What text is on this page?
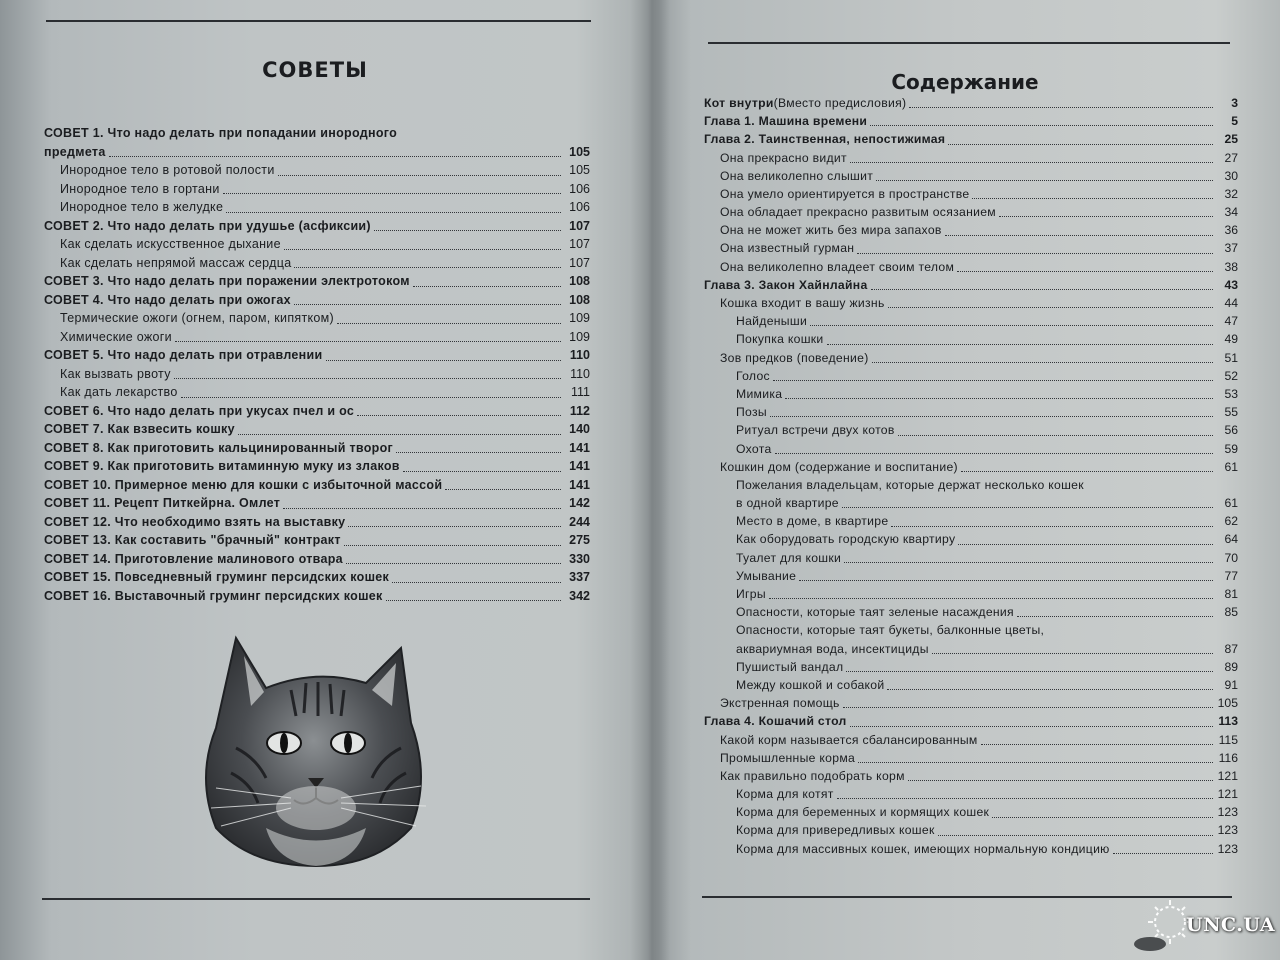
СОВЕТЫ
СОВЕТ 1. Что надо делать при попадании инородного
предмета	105
Инородное тело в ротовой полости	105
Инородное тело в гортани	106
Инородное тело в желудке	106
СОВЕТ 2. Что надо делать при удушье (асфиксии)	107
Как сделать искусственное дыхание	107
Как сделать непрямой массаж сердца	107
СОВЕТ 3. Что надо делать при поражении электротоком	108
СОВЕТ 4. Что надо делать при ожогах	108
Термические ожоги (огнем, паром, кипятком)	109
Химические ожоги	109
СОВЕТ 5. Что надо делать при отравлении	110
Как вызвать рвоту	110
Как дать лекарство	111
СОВЕТ 6. Что надо делать при укусах пчел и ос	112
СОВЕТ 7. Как взвесить кошку	140
СОВЕТ 8. Как приготовить кальцинированный творог	141
СОВЕТ 9. Как приготовить витаминную муку из злаков	141
СОВЕТ 10. Примерное меню для кошки с избыточной массой	141
СОВЕТ 11. Рецепт Питкейрна. Омлет	142
СОВЕТ 12. Что необходимо взять на выставку	244
СОВЕТ 13. Как составить "брачный" контракт	275
СОВЕТ 14. Приготовление малинового отвара	330
СОВЕТ 15. Повседневный груминг персидских кошек	337
СОВЕТ 16. Выставочный груминг персидских кошек	342
Содержание
Кот внутри (Вместо предисловия)	3
Глава 1. Машина времени	5
Глава 2. Таинственная, непостижимая	25
Она прекрасно видит	27
Она великолепно слышит	30
Она умело ориентируется в пространстве	32
Она обладает прекрасно развитым осязанием	34
Она не может жить без мира запахов	36
Она известный гурман	37
Она великолепно владеет своим телом	38
Глава 3. Закон Хайнлайна	43
Кошка входит в вашу жизнь	44
Найденыши	47
Покупка кошки	49
Зов предков (поведение)	51
Голос	52
Мимика	53
Позы	55
Ритуал встречи двух котов	56
Охота	59
Кошкин дом (содержание и воспитание)	61
Пожелания владельцам, которые держат несколько кошек
в одной квартире	61
Место в доме, в квартире	62
Как оборудовать городскую квартиру	64
Туалет для кошки	70
Умывание	77
Игры	81
Опасности, которые таят зеленые насаждения	85
Опасности, которые таят букеты, балконные цветы,
аквариумная вода, инсектициды	87
Пушистый вандал	89
Между кошкой и собакой	91
Экстренная помощь	105
Глава 4. Кошачий стол	113
Какой корм называется сбалансированным	115
Промышленные корма	116
Как правильно подобрать корм	121
Корма для котят	121
Корма для беременных и кормящих кошек	123
Корма для привередливых кошек	123
Корма для массивных кошек, имеющих нормальную кондицию	123
UNC.UA
